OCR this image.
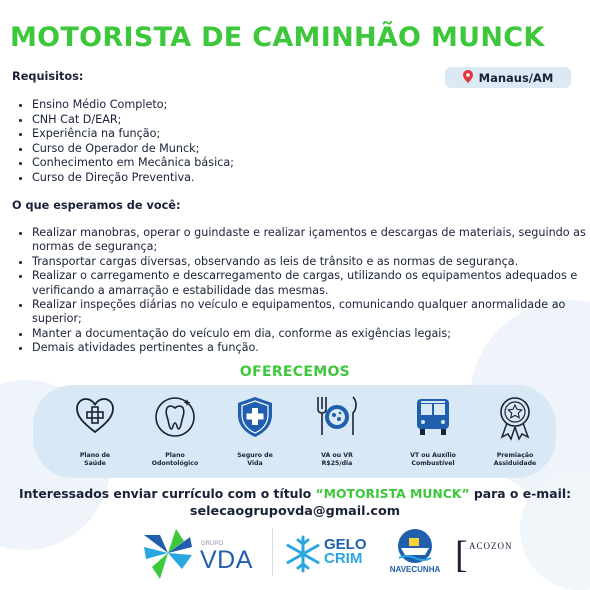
MOTORISTA DE CAMINHÃO MUNCK
Manaus/AM
Requisitos:
• Ensino Médio Completo;
• CNH Cat D/EAR;
• Experiência na função;
• Curso de Operador de Munck;
• Conhecimento em Mecânica básica;
• Curso de Direção Preventiva.
O que esperamos de você:
• Realizar manobras, operar o guindaste e realizar içamentos e descargas de materiais, seguindo as normas de segurança;
• Transportar cargas diversas, observando as leis de trânsito e as normas de segurança.
• Realizar o carregamento e descarregamento de cargas, utilizando os equipamentos adequados e verificando a amarração e estabilidade das mesmas.
• Realizar inspeções diárias no veículo e equipamentos, comunicando qualquer anormalidade ao superior;
• Manter a documentação do veículo em dia, conforme as exigências legais;
• Demais atividades pertinentes a função.
OFERECEMOS
Plano de
Saúde
Plano
Odontológico
Seguro de
Vida
VA ou VR
R$25/dia
VT ou Auxílio
Combustível
Premiação
Assiduidade
Interessados enviar currículo com o título “MOTORISTA MUNCK” para o e-mail:
selecaogrupovda@gmail.com
GRUPO
VDA
GELO
CRIM
NAVECUNHA [ ACOZON
